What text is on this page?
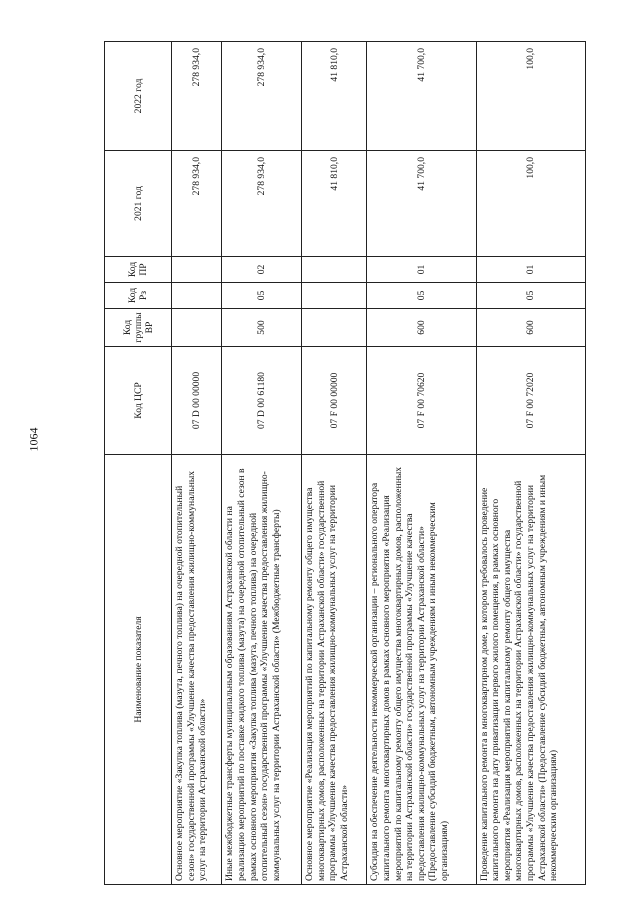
1064
Наименование показателя	Код ЦСР	Код группы ВР	Код Рз	Код ПР	2021 год	2022 год
Основное мероприятие «Закупка топлива (мазута, печного топлива) на очередной отопительный сезон» государственной программы «Улучшение качества предоставления жилищно-коммунальных услуг на территории Астраханской области»	07 D 00 00000				278 934,0	278 934,0
Иные межбюджетные трансферты муниципальным образованиям Астраханской области на реализацию мероприятий по поставке жидкого топлива (мазута) на очередной отопительный сезон в рамках основного мероприятия «Закупка топлива (мазута, печного топлива) на очередной отопительный сезон» государственной программы «Улучшение качества предоставления жилищно-коммунальных услуг на территории Астраханской области» (Межбюджетные трансферты)	07 D 00 61180	500	05	02	278 934,0	278 934,0
Основное мероприятие «Реализация мероприятий по капитальному ремонту общего имущества многоквартирных домов, расположенных на территории Астраханской области» государственной программы «Улучшение качества предоставления жилищно-коммунальных услуг на территории Астраханской области»	07 F 00 00000				41 810,0	41 810,0
Субсидия на обеспечение деятельности некоммерческой организации – регионального оператора капитального ремонта многоквартирных домов в рамках основного мероприятия «Реализация мероприятий по капитальному ремонту общего имущества многоквартирных домов, расположенных на территории Астраханской области» государственной программы «Улучшение качества предоставления жилищно-коммунальных услуг на территории Астраханской области» (Предоставление субсидий бюджетным, автономным учреждениям и иным некоммерческим организациям)	07 F 00 70620	600	05	01	41 700,0	41 700,0
Проведение капитального ремонта в многоквартирном доме, в котором требовалось проведение капитального ремонта на дату приватизации первого жилого помещения, в рамках основного мероприятия «Реализация мероприятий по капитальному ремонту общего имущества многоквартирных домов, расположенных на территории Астраханской области» государственной программы «Улучшение качества предоставления жилищно-коммунальных услуг на территории Астраханской области» (Предоставление субсидий бюджетным, автономным учреждениям и иным некоммерческим организациям)	07 F 00 72020	600	05	01	100,0	100,0
